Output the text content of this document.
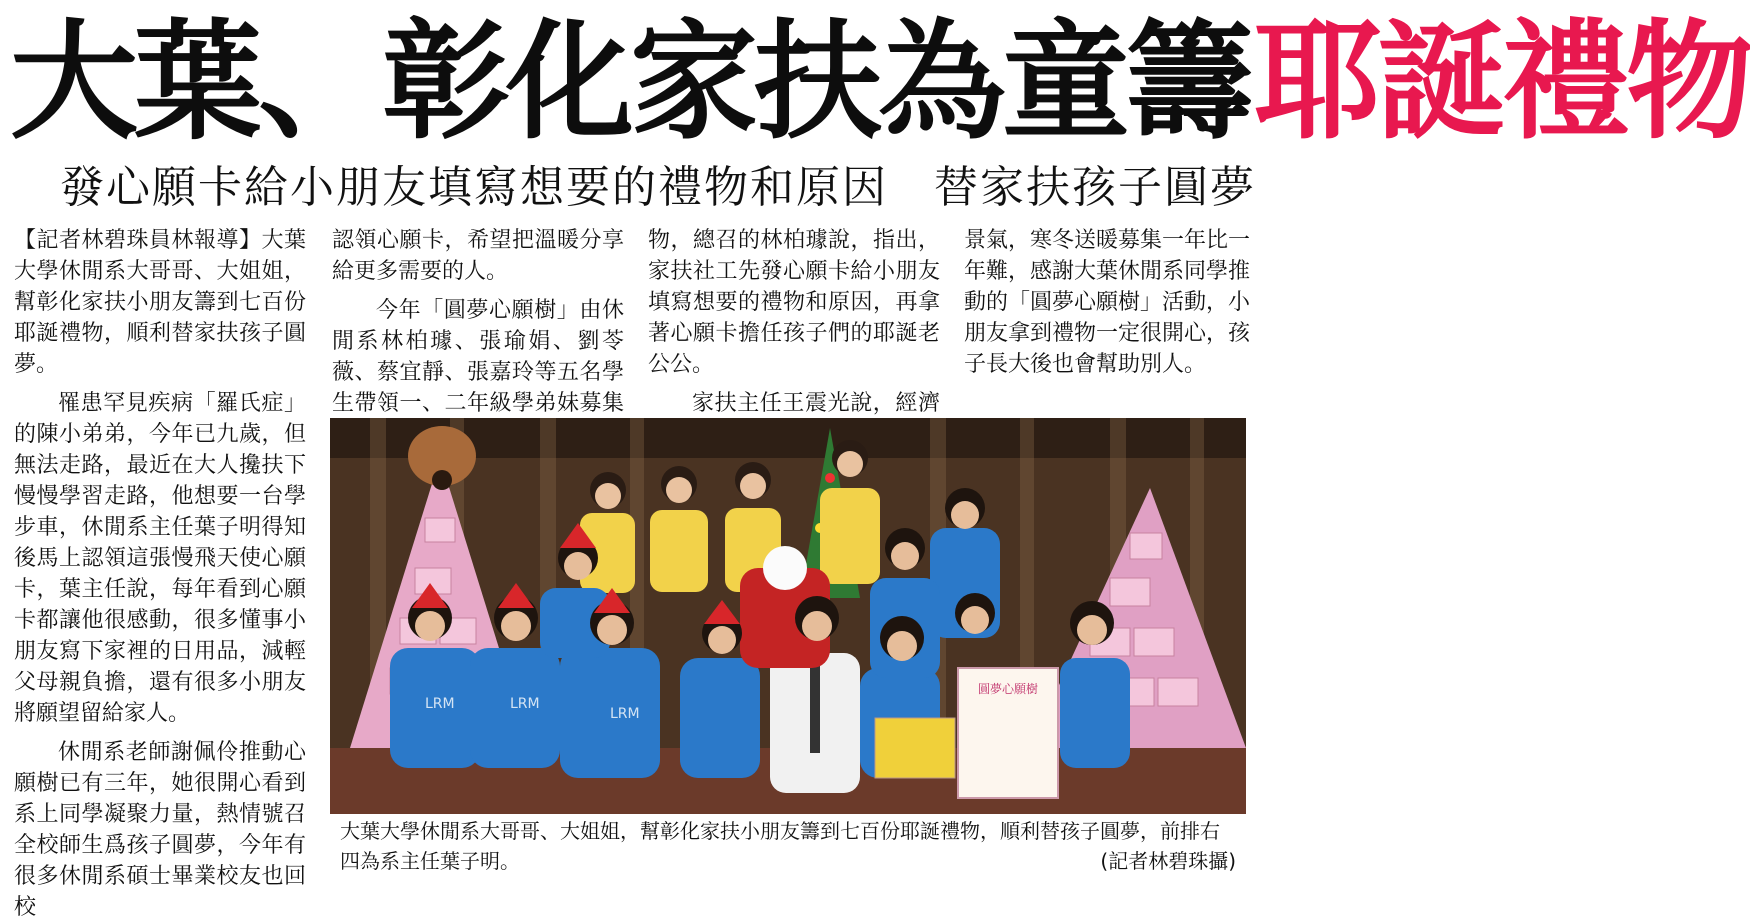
大葉、彰化家扶為童籌 耶誕禮物
發心願卡給小朋友填寫想要的禮物和原因　替家扶孩子圓夢

【記者林碧珠員林報導】大葉大學休閒系大哥哥、大姐姐，幫彰化家扶小朋友籌到七百份耶誕禮物，順利替家扶孩子圓夢。

罹患罕見疾病「羅氏症」的陳小弟弟，今年已九歲，但無法走路，最近在大人攙扶下慢慢學習走路，他想要一台學步車，休閒系主任葉子明得知後馬上認領這張慢飛天使心願卡，葉主任說，每年看到心願卡都讓他很感動，很多懂事小朋友寫下家裡的日用品，減輕父母親負擔，還有很多小朋友將願望留給家人。

休閒系老師謝佩伶推動心願樹已有三年，她很開心看到系上同學凝聚力量，熱情號召全校師生爲孩子圓夢，今年有很多休閒系碩士畢業校友也回校

認領心願卡，希望把溫暖分享給更多需要的人。

今年「圓夢心願樹」由休閒系林柏璩、張瑜娟、劉苓薇、蔡宜靜、張嘉玲等五名學生帶領一、二年級學弟妹募集

物，總召的林柏璩說，指出，家扶社工先發心願卡給小朋友填寫想要的禮物和原因，再拿著心願卡擔任孩子們的耶誕老公公。

家扶主任王震光說，經濟

景氣，寒冬送暖募集一年比一年難，感謝大葉休閒系同學推動的「圓夢心願樹」活動，小朋友拿到禮物一定很開心，孩子長大後也會幫助別人。

圓夢心願樹
LRM	LRM
LRM
大葉大學休閒系大哥哥、大姐姐，幫彰化家扶小朋友籌到七百份耶誕禮物，順利替孩子圓夢，前排右四為系主任葉子明。	(記者林碧珠攝)
